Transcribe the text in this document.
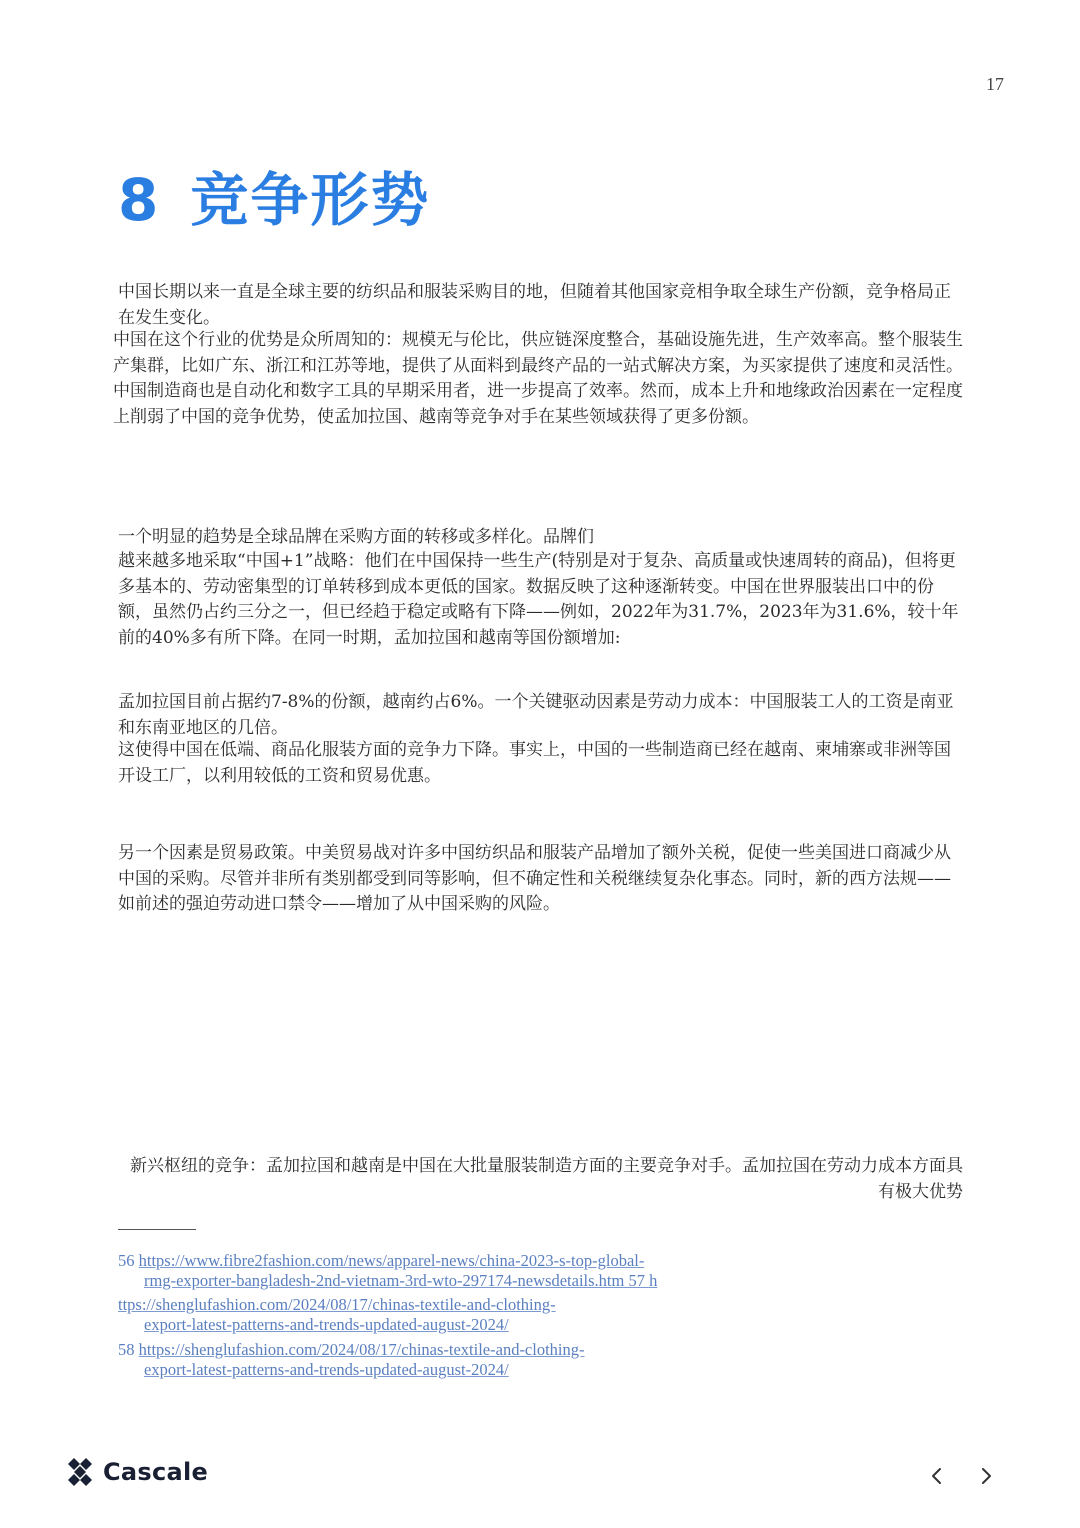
17
8 竞争形势

中国长期以来一直是全球主要的纺织品和服装采购目的地，但随着其他国家竞相争取全球生产份额，竞争格局正在发生变化。

中国在这个行业的优势是众所周知的：规模无与伦比，供应链深度整合，基础设施先进，生产效率高。整个服装生产集群，比如广东、浙江和江苏等地，提供了从面料到最终产品的一站式解决方案，为买家提供了速度和灵活性。中国制造商也是自动化和数字工具的早期采用者，进一步提高了效率。然而，成本上升和地缘政治因素在一定程度上削弱了中国的竞争优势，使孟加拉国、越南等竞争对手在某些领域获得了更多份额。

一个明显的趋势是全球品牌在采购方面的转移或多样化。品牌们

越来越多地采取“中国+1”战略：他们在中国保持一些生产(特别是对于复杂、高质量或快速周转的商品)，但将更多基本的、劳动密集型的订单转移到成本更低的国家。数据反映了这种逐渐转变。中国在世界服装出口中的份额，虽然仍占约三分之一，但已经趋于稳定或略有下降——例如，2022年为31.7%，2023年为31.6%，较十年前的40%多有所下降。在同一时期，孟加拉国和越南等国份额增加:

孟加拉国目前占据约7-8%的份额，越南约占6%。一个关键驱动因素是劳动力成本：中国服装工人的工资是南亚和东南亚地区的几倍。

这使得中国在低端、商品化服装方面的竞争力下降。事实上，中国的一些制造商已经在越南、柬埔寨或非洲等国开设工厂，以利用较低的工资和贸易优惠。

另一个因素是贸易政策。中美贸易战对许多中国纺织品和服装产品增加了额外关税，促使一些美国进口商减少从中国的采购。尽管并非所有类别都受到同等影响，但不确定性和关税继续复杂化事态。同时，新的西方法规——如前述的强迫劳动进口禁令——增加了从中国采购的风险。

新兴枢纽的竞争：孟加拉国和越南是中国在大批量服装制造方面的主要竞争对手。孟加拉国在劳动力成本方面具有极大优势
56 https://www.fibre2fashion.com/news/apparel-news/china-2023-s-top-global-
rmg-exporter-bangladesh-2nd-vietnam-3rd-wto-297174-newsdetails.htm 57 h
ttps://shenglufashion.com/2024/08/17/chinas-textile-and-clothing-
export-latest-patterns-and-trends-updated-august-2024/
58 https://shenglufashion.com/2024/08/17/chinas-textile-and-clothing-
export-latest-patterns-and-trends-updated-august-2024/
Cascale
